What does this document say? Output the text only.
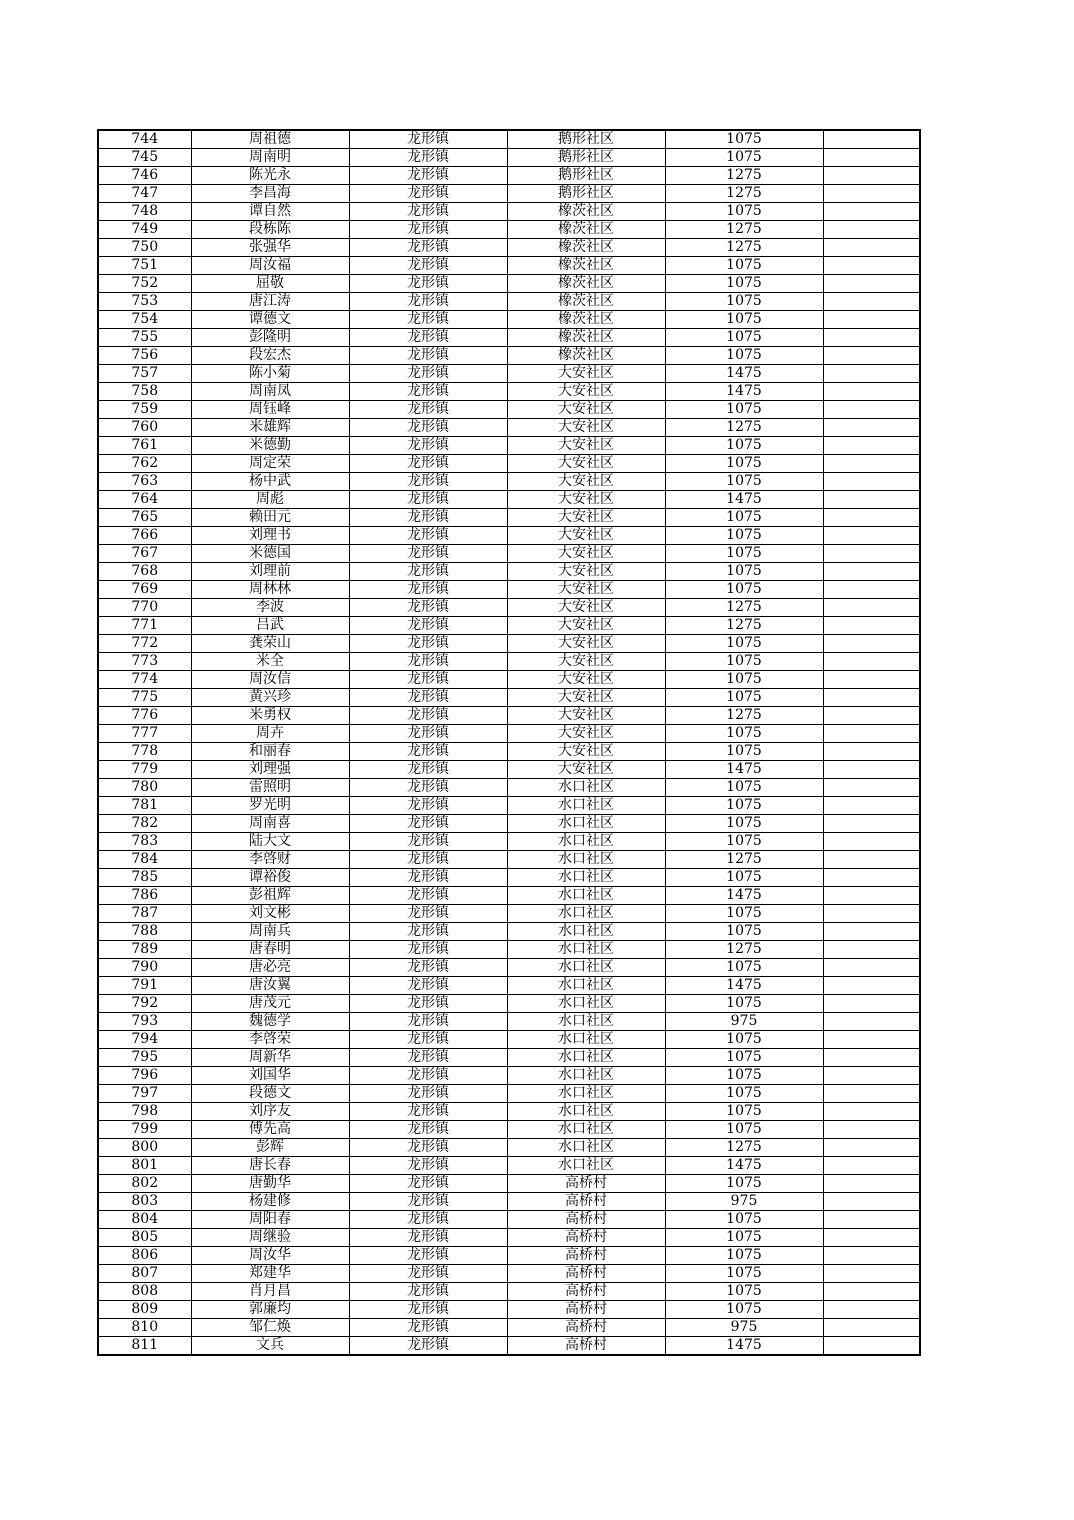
744	周祖德	龙形镇	鹅形社区	1075	
745	周南明	龙形镇	鹅形社区	1075	
746	陈光永	龙形镇	鹅形社区	1275	
747	李昌海	龙形镇	鹅形社区	1275	
748	谭自然	龙形镇	橡茨社区	1075	
749	段栋陈	龙形镇	橡茨社区	1275	
750	张强华	龙形镇	橡茨社区	1275	
751	周汝福	龙形镇	橡茨社区	1075	
752	屈敬	龙形镇	橡茨社区	1075	
753	唐江涛	龙形镇	橡茨社区	1075	
754	谭德文	龙形镇	橡茨社区	1075	
755	彭隆明	龙形镇	橡茨社区	1075	
756	段宏杰	龙形镇	橡茨社区	1075	
757	陈小菊	龙形镇	大安社区	1475	
758	周南凤	龙形镇	大安社区	1475	
759	周钰峰	龙形镇	大安社区	1075	
760	米雄辉	龙形镇	大安社区	1275	
761	米德勤	龙形镇	大安社区	1075	
762	周定荣	龙形镇	大安社区	1075	
763	杨中武	龙形镇	大安社区	1075	
764	周彪	龙形镇	大安社区	1475	
765	赖田元	龙形镇	大安社区	1075	
766	刘理书	龙形镇	大安社区	1075	
767	米德国	龙形镇	大安社区	1075	
768	刘理前	龙形镇	大安社区	1075	
769	周林林	龙形镇	大安社区	1075	
770	李波	龙形镇	大安社区	1275	
771	吕武	龙形镇	大安社区	1275	
772	龚荣山	龙形镇	大安社区	1075	
773	米全	龙形镇	大安社区	1075	
774	周汝信	龙形镇	大安社区	1075	
775	黄兴珍	龙形镇	大安社区	1075	
776	米勇权	龙形镇	大安社区	1275	
777	周卉	龙形镇	大安社区	1075	
778	和丽春	龙形镇	大安社区	1075	
779	刘理强	龙形镇	大安社区	1475	
780	雷照明	龙形镇	水口社区	1075	
781	罗光明	龙形镇	水口社区	1075	
782	周南喜	龙形镇	水口社区	1075	
783	陆大文	龙形镇	水口社区	1075	
784	李啓财	龙形镇	水口社区	1275	
785	谭裕俊	龙形镇	水口社区	1075	
786	彭祖辉	龙形镇	水口社区	1475	
787	刘文彬	龙形镇	水口社区	1075	
788	周南兵	龙形镇	水口社区	1075	
789	唐春明	龙形镇	水口社区	1275	
790	唐必亮	龙形镇	水口社区	1075	
791	唐汝翼	龙形镇	水口社区	1475	
792	唐茂元	龙形镇	水口社区	1075	
793	魏德学	龙形镇	水口社区	975	
794	李啓荣	龙形镇	水口社区	1075	
795	周新华	龙形镇	水口社区	1075	
796	刘国华	龙形镇	水口社区	1075	
797	段德文	龙形镇	水口社区	1075	
798	刘序友	龙形镇	水口社区	1075	
799	傅先高	龙形镇	水口社区	1075	
800	彭辉	龙形镇	水口社区	1275	
801	唐长春	龙形镇	水口社区	1475	
802	唐勤华	龙形镇	高桥村	1075	
803	杨建修	龙形镇	高桥村	975	
804	周阳春	龙形镇	高桥村	1075	
805	周继验	龙形镇	高桥村	1075	
806	周汝华	龙形镇	高桥村	1075	
807	郑建华	龙形镇	高桥村	1075	
808	肖月昌	龙形镇	高桥村	1075	
809	郭廉均	龙形镇	高桥村	1075	
810	邹仁焕	龙形镇	高桥村	975	
811	文兵	龙形镇	高桥村	1475	
